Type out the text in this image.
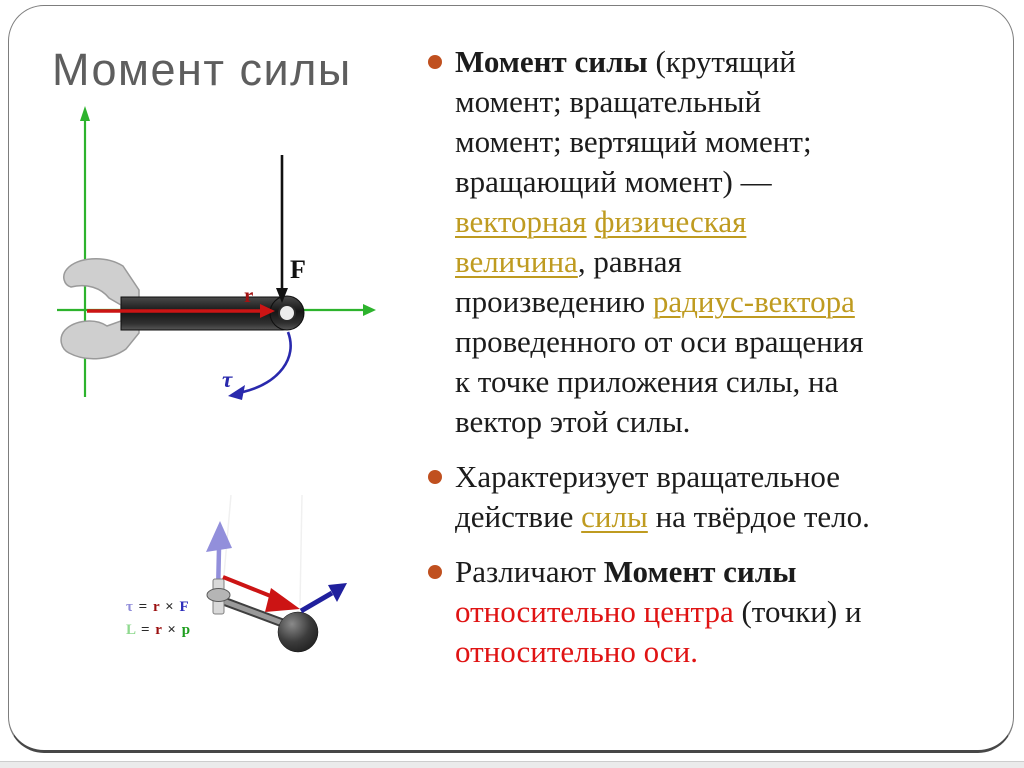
Момент силы
r
F
τ
τ = r × F
L = r × p
Момент силы (крутящий
момент; вращательный
момент; вертящий момент;
вращающий момент) —
векторная физическая
величина, равная
произведению радиус-вектора
проведенного от оси вращения
к точке приложения силы, на
вектор этой силы.
Характеризует вращательное
действие силы на твёрдое тело.
Различают Момент силы
относительно центра (точки) и
относительно оси.
